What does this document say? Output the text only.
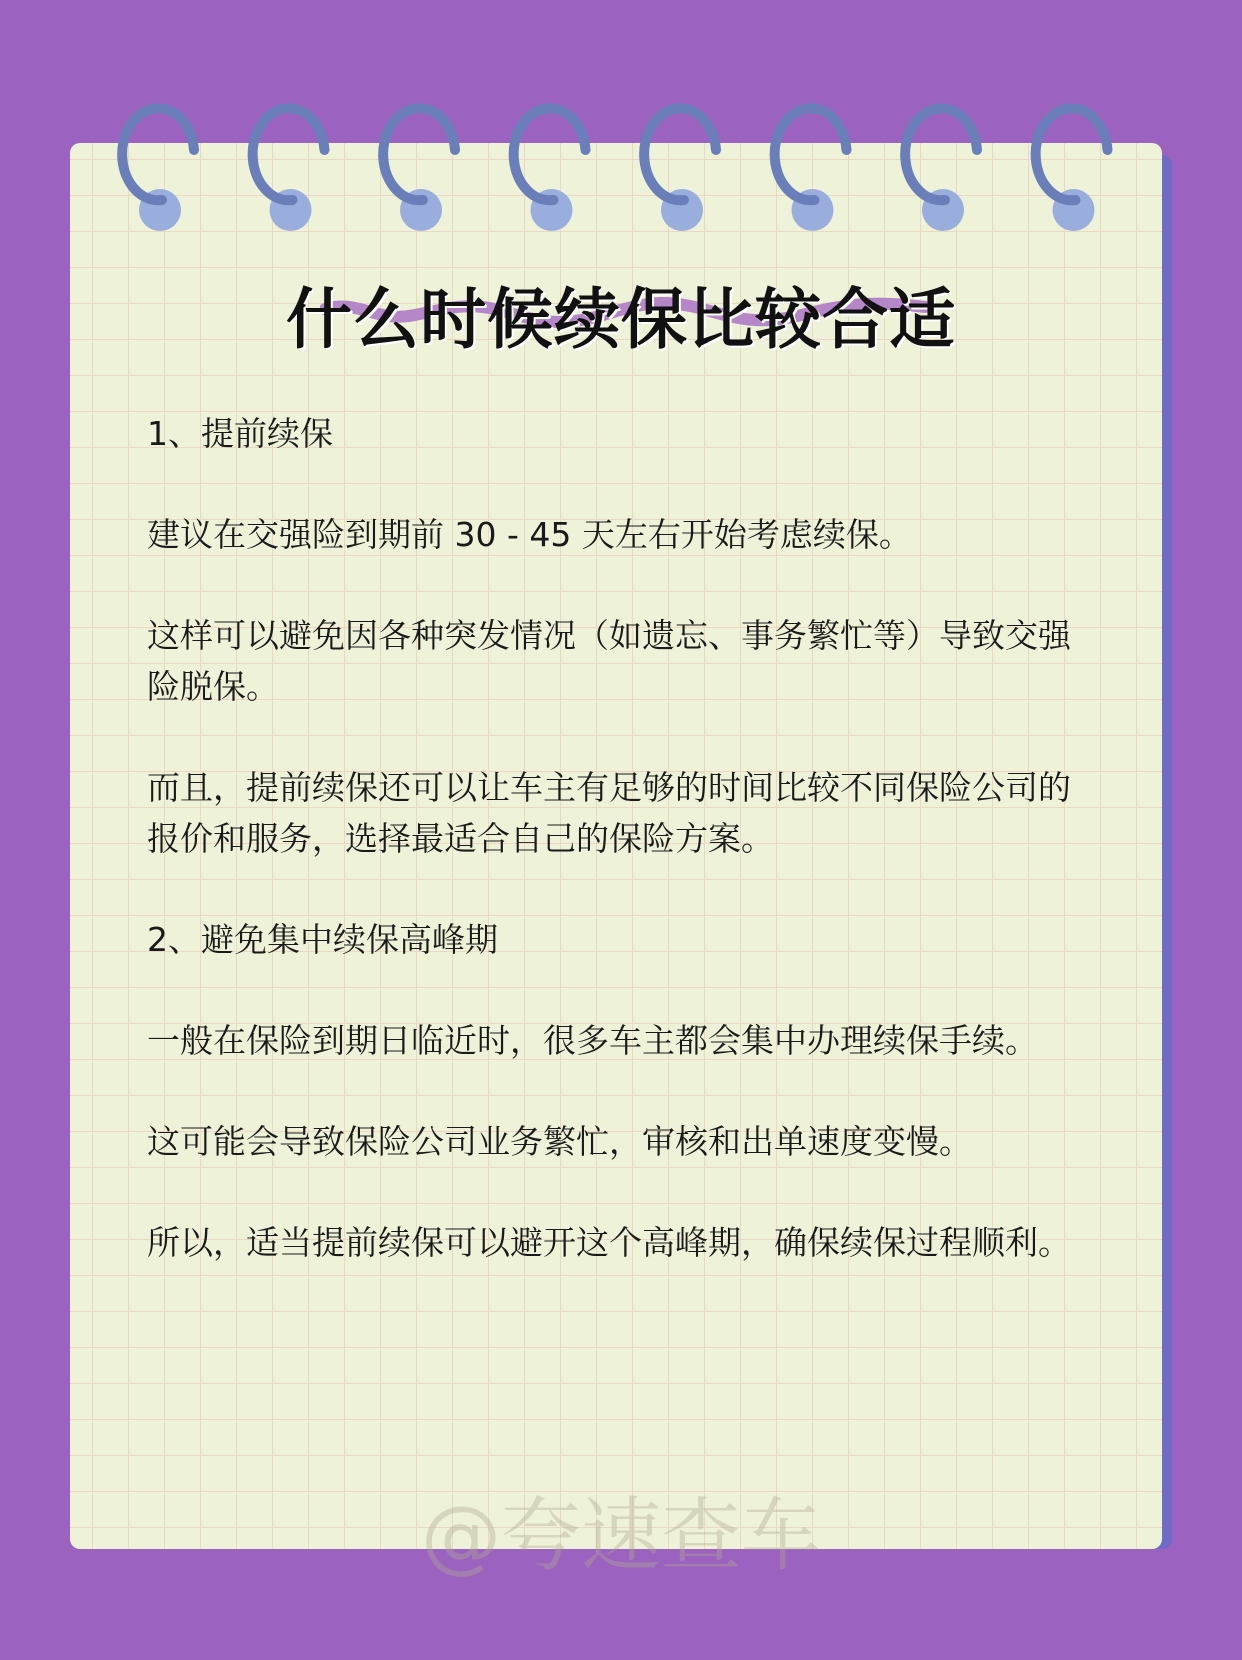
什么时候续保比较合适

1、提前续保

建议在交强险到期前 30 - 45 天左右开始考虑续保。

这样可以避免因各种突发情况（如遗忘、事务繁忙等）导致交强险脱保。

而且，提前续保还可以让车主有足够的时间比较不同保险公司的报价和服务，选择最适合自己的保险方案。

2、避免集中续保高峰期

一般在保险到期日临近时，很多车主都会集中办理续保手续。

这可能会导致保险公司业务繁忙，审核和出单速度变慢。

所以，适当提前续保可以避开这个高峰期，确保续保过程顺利。

@夸速查车
